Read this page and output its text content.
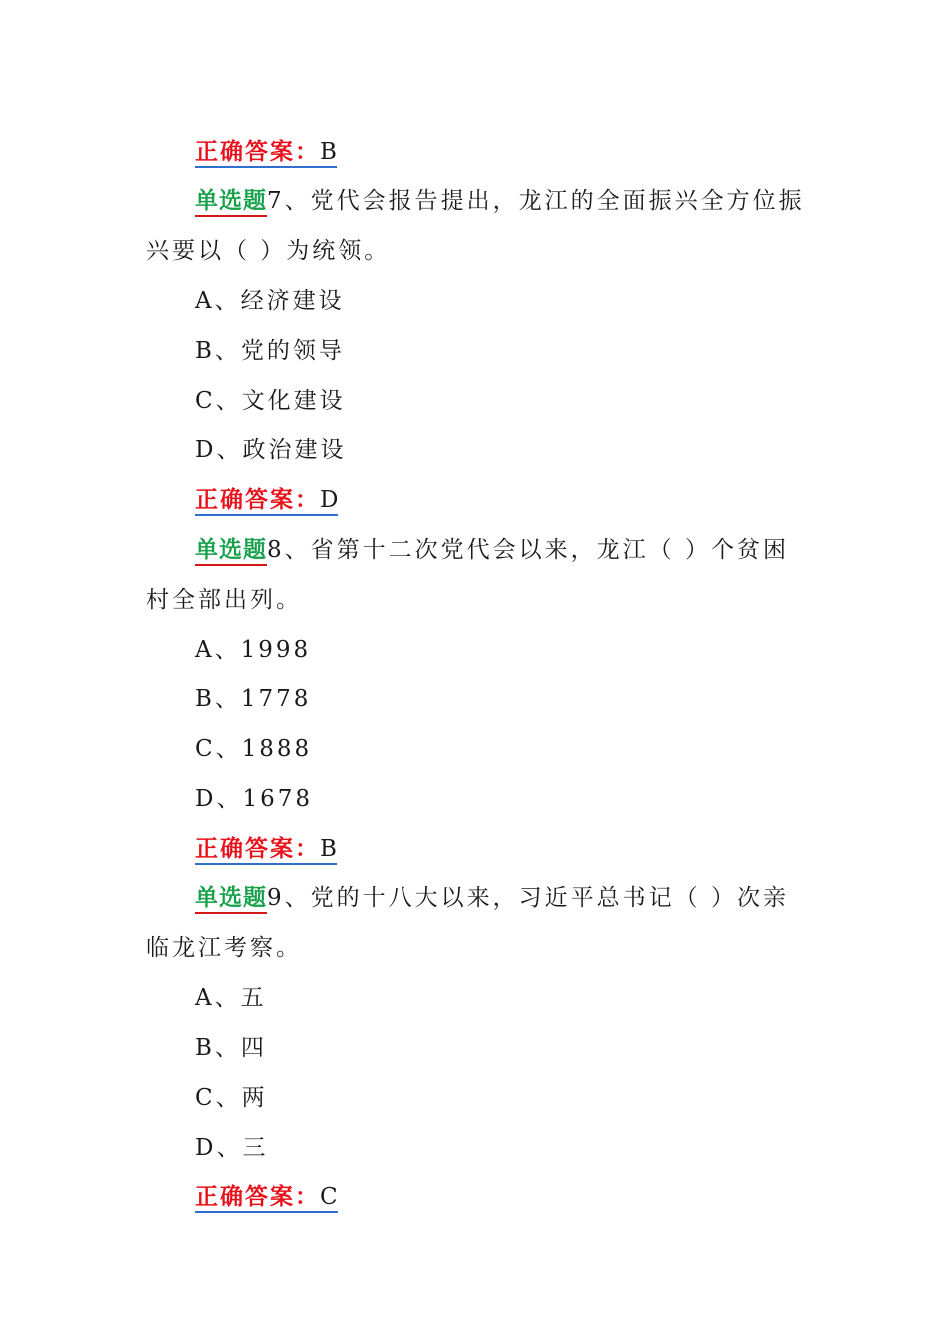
正确答案：B
单选题7、党代会报告提出，龙江的全面振兴全方位振
兴要以（ ）为统领。
A、经济建设
B、党的领导
C、文化建设
D、政治建设
正确答案：D
单选题8、省第十二次党代会以来，龙江（ ）个贫困
村全部出列。
A、1998
B、1778
C、1888
D、1678
正确答案：B
单选题9、党的十八大以来，习近平总书记（ ）次亲
临龙江考察。
A、五
B、四
C、两
D、三
正确答案：C
